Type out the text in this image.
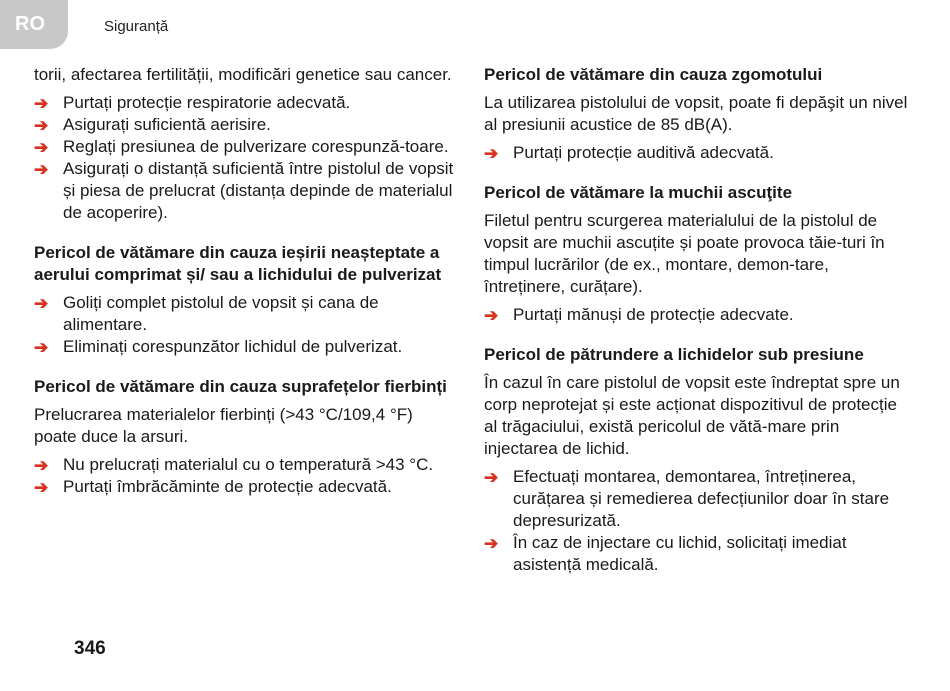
RO	Siguranță

torii, afectarea fertilității, modificări genetice sau cancer.

➔ Purtați protecție respiratorie adecvată.
➔ Asigurați suficientă aerisire.
➔ Reglați presiunea de pulverizare corespunză-toare.
➔ Asigurați o distanță suficientă între pistolul de vopsit și piesa de prelucrat (distanța depinde de materialul de acoperire).
Pericol de vătămare din cauza ieșirii neașteptate a aerului comprimat și/ sau a lichidului de pulverizat
➔ Goliți complet pistolul de vopsit și cana de alimentare.
➔ Eliminați corespunzător lichidul de pulverizat.
Pericol de vătămare din cauza suprafețelor fierbinți

Prelucrarea materialelor fierbinți (>43 °C/109,4 °F) poate duce la arsuri.

➔ Nu prelucrați materialul cu o temperatură >43 °C.
➔ Purtați îmbrăcăminte de protecție adecvată.
Pericol de vătămare din cauza zgomotului

La utilizarea pistolului de vopsit, poate fi depăşit un nivel al presiunii acustice de 85 dB(A).

➔ Purtați protecție auditivă adecvată.
Pericol de vătămare la muchii ascuţite

Filetul pentru scurgerea materialului de la pistolul de vopsit are muchii ascuțite și poate provoca tăie-turi în timpul lucrărilor (de ex., montare, demon-tare, întreținere, curățare).

➔ Purtați mănuși de protecție adecvate.
Pericol de pătrundere a lichidelor sub presiune

În cazul în care pistolul de vopsit este îndreptat spre un corp neprotejat și este acționat dispozitivul de protecție al trăgaciului, există pericolul de vătă-mare prin injectarea de lichid.

➔ Efectuați montarea, demontarea, întreținerea, curățarea și remedierea defecțiunilor doar în stare depresurizată.
➔ În caz de injectare cu lichid, solicitați imediat asistență medicală.
346
